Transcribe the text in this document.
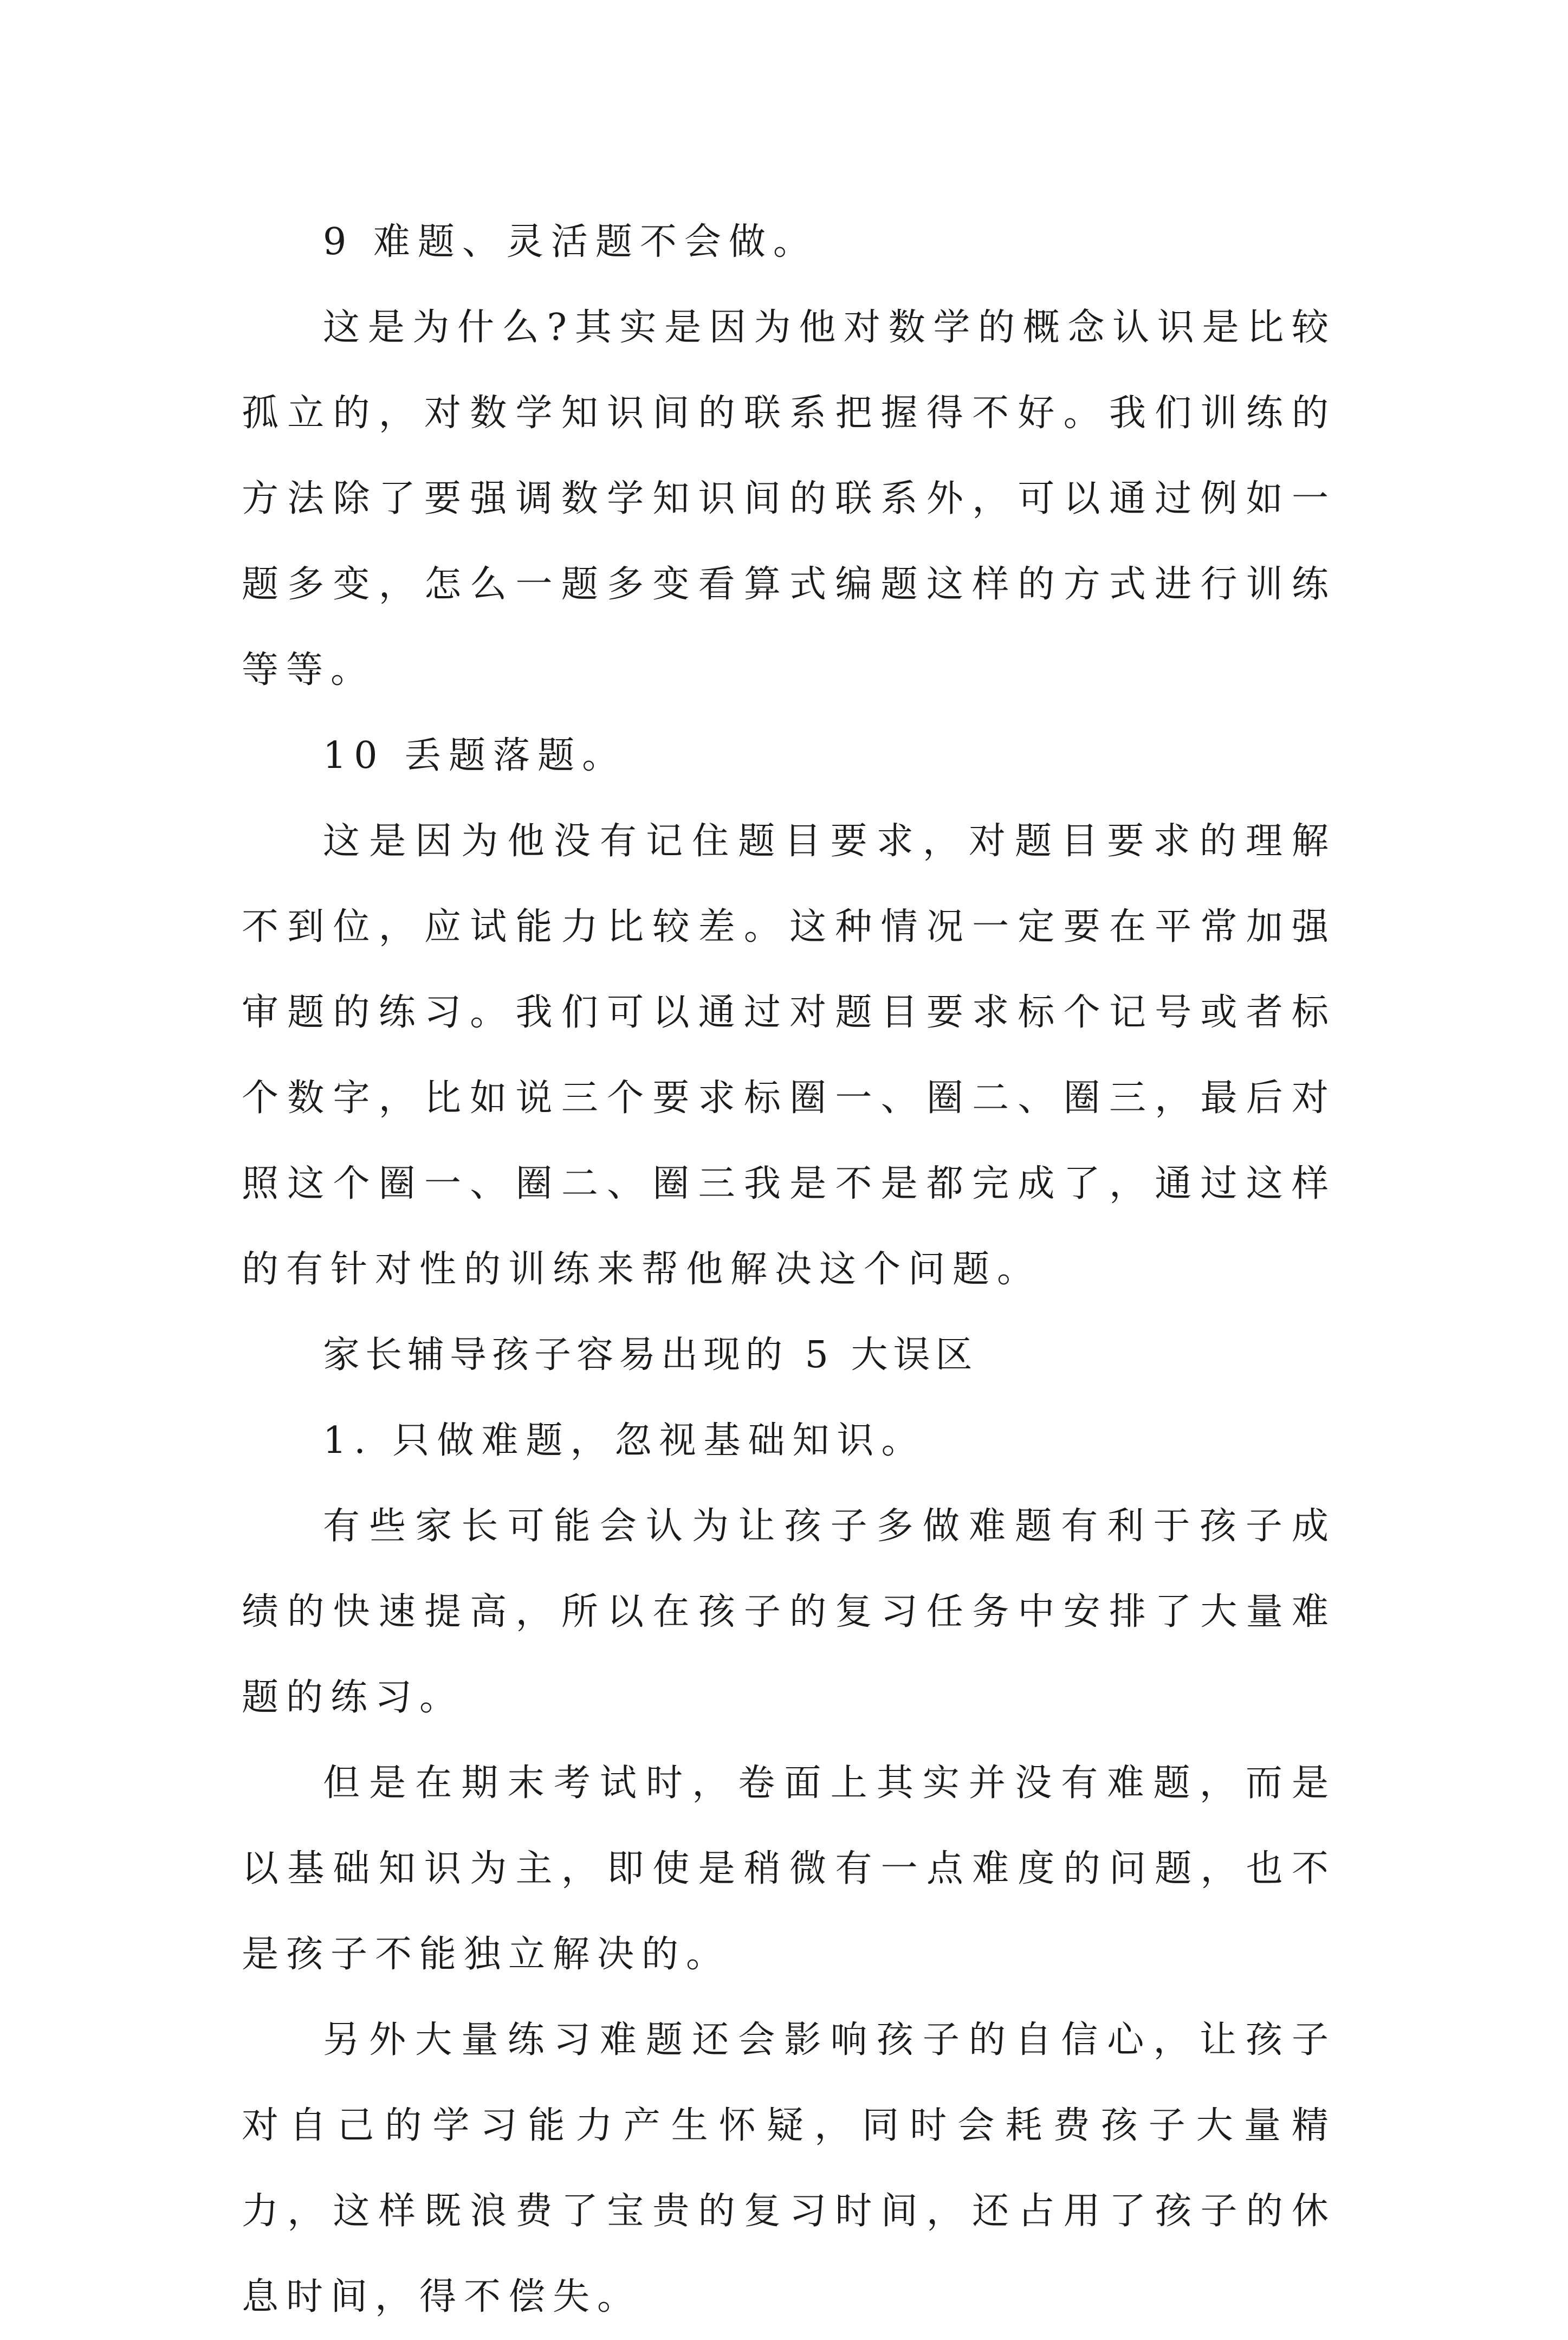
9 难题、灵活题不会做。

这是为什么?其实是因为他对数学的概念认识是比较孤立的，对数学知识间的联系把握得不好。我们训练的方法除了要强调数学知识间的联系外，可以通过例如一题多变，怎么一题多变看算式编题这样的方式进行训练等等。

10 丢题落题。

这是因为他没有记住题目要求，对题目要求的理解不到位，应试能力比较差。这种情况一定要在平常加强审题的练习。我们可以通过对题目要求标个记号或者标个数字，比如说三个要求标圈一、圈二、圈三，最后对照这个圈一、圈二、圈三我是不是都完成了，通过这样的有针对性的训练来帮他解决这个问题。

家长辅导孩子容易出现的 5 大误区

1. 只做难题，忽视基础知识。

有些家长可能会认为让孩子多做难题有利于孩子成绩的快速提高，所以在孩子的复习任务中安排了大量难题的练习。

但是在期末考试时，卷面上其实并没有难题，而是以基础知识为主，即使是稍微有一点难度的问题，也不是孩子不能独立解决的。

另外大量练习难题还会影响孩子的自信心，让孩子对自己的学习能力产生怀疑，同时会耗费孩子大量精力，这样既浪费了宝贵的复习时间，还占用了孩子的休息时间，得不偿失。
